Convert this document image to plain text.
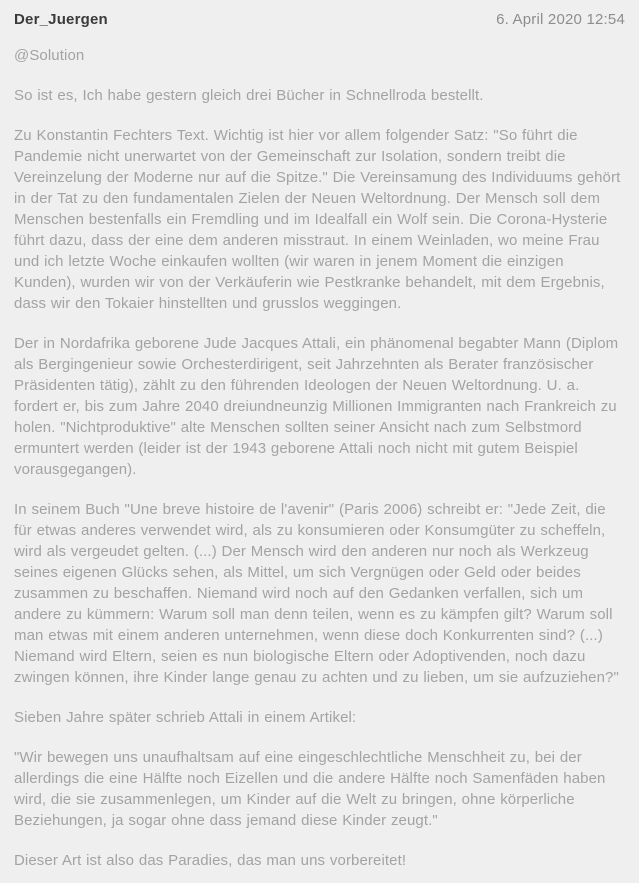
Der_Juergen	6. April 2020 12:54

@Solution

So ist es, Ich habe gestern gleich drei Bücher in Schnellroda bestellt.

Zu Konstantin Fechters Text. Wichtig ist hier vor allem folgender Satz: "So führt die Pandemie nicht unerwartet von der Gemeinschaft zur Isolation, sondern treibt die Vereinzelung der Moderne nur auf die Spitze." Die Vereinsamung des Individuums gehört in der Tat zu den fundamentalen Zielen der Neuen Weltordnung. Der Mensch soll dem Menschen bestenfalls ein Fremdling und im Idealfall ein Wolf sein. Die Corona-Hysterie führt dazu, dass der eine dem anderen misstraut. In einem Weinladen, wo meine Frau und ich letzte Woche einkaufen wollten (wir waren in jenem Moment die einzigen Kunden), wurden wir von der Verkäuferin wie Pestkranke behandelt, mit dem Ergebnis, dass wir den Tokaier hinstellten und grusslos weggingen.

Der in Nordafrika geborene Jude Jacques Attali, ein phänomenal begabter Mann (Diplom als Bergingenieur sowie Orchesterdirigent, seit Jahrzehnten als Berater französischer Präsidenten tätig), zählt zu den führenden Ideologen der Neuen Weltordnung. U. a. fordert er, bis zum Jahre 2040 dreiundneunzig Millionen Immigranten nach Frankreich zu holen. "Nichtproduktive" alte Menschen sollten seiner Ansicht nach zum Selbstmord ermuntert werden (leider ist der 1943 geborene Attali noch nicht mit gutem Beispiel vorausgegangen).

In seinem Buch "Une breve histoire de l'avenir" (Paris 2006) schreibt er: "Jede Zeit, die für etwas anderes verwendet wird, als zu konsumieren oder Konsumgüter zu scheffeln, wird als vergeudet gelten. (...) Der Mensch wird den anderen nur noch als Werkzeug seines eigenen Glücks sehen, als Mittel, um sich Vergnügen oder Geld oder beides zusammen zu beschaffen. Niemand wird noch auf den Gedanken verfallen, sich um andere zu kümmern: Warum soll man denn teilen, wenn es zu kämpfen gilt? Warum soll man etwas mit einem anderen unternehmen, wenn diese doch Konkurrenten sind? (...) Niemand wird Eltern, seien es nun biologische Eltern oder Adoptivenden, noch dazu zwingen können, ihre Kinder lange genau zu achten und zu lieben, um sie aufzuziehen?"

Sieben Jahre später schrieb Attali in einem Artikel:

"Wir bewegen uns unaufhaltsam auf eine eingeschlechtliche Menschheit zu, bei der allerdings die eine Hälfte noch Eizellen und die andere Hälfte noch Samenfäden haben wird, die sie zusammenlegen, um Kinder auf die Welt zu bringen, ohne körperliche Beziehungen, ja sogar ohne dass jemand diese Kinder zeugt."

Dieser Art ist also das Paradies, das man uns vorbereitet!
